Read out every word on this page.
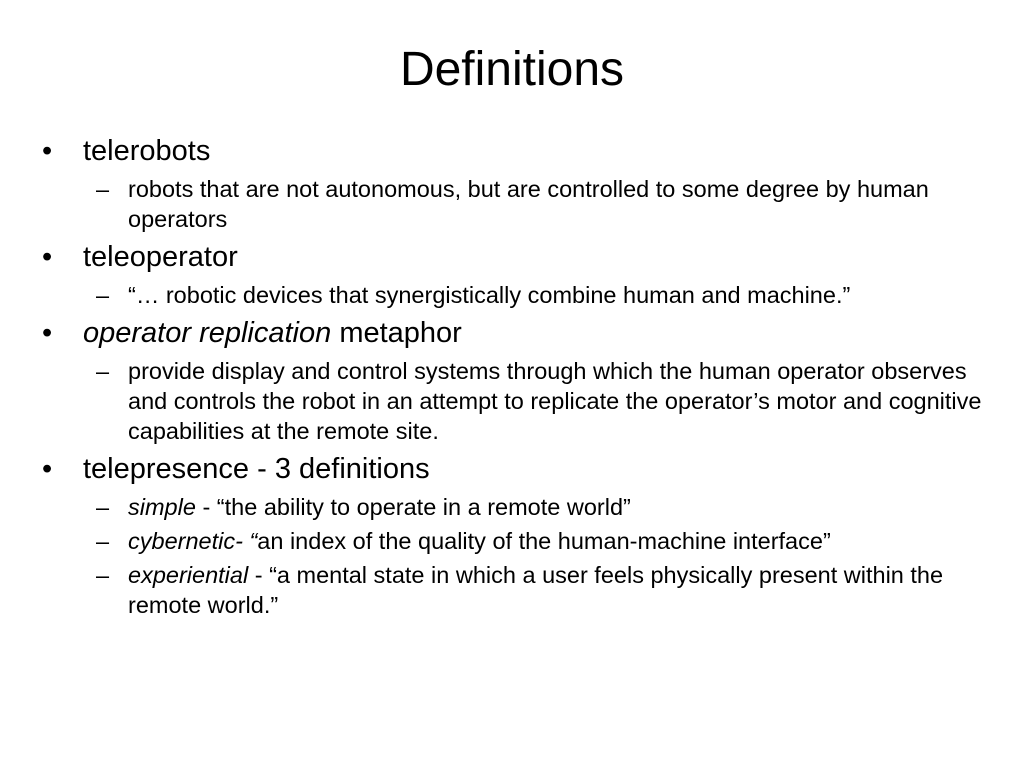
Definitions
• telerobots
– robots that are not autonomous, but are controlled to some degree by human operators
• teleoperator
– “… robotic devices that synergistically combine human and machine.”
• operator replication metaphor
– provide display and control systems through which the human operator observes and controls the robot in an attempt to replicate the operator’s motor and cognitive capabilities at the remote site.
• telepresence - 3 definitions
– simple - “the ability to operate in a remote world”
– cybernetic- “an index of the quality of the human-machine interface”
– experiential - “a mental state in which a user feels physically present within the remote world.”
